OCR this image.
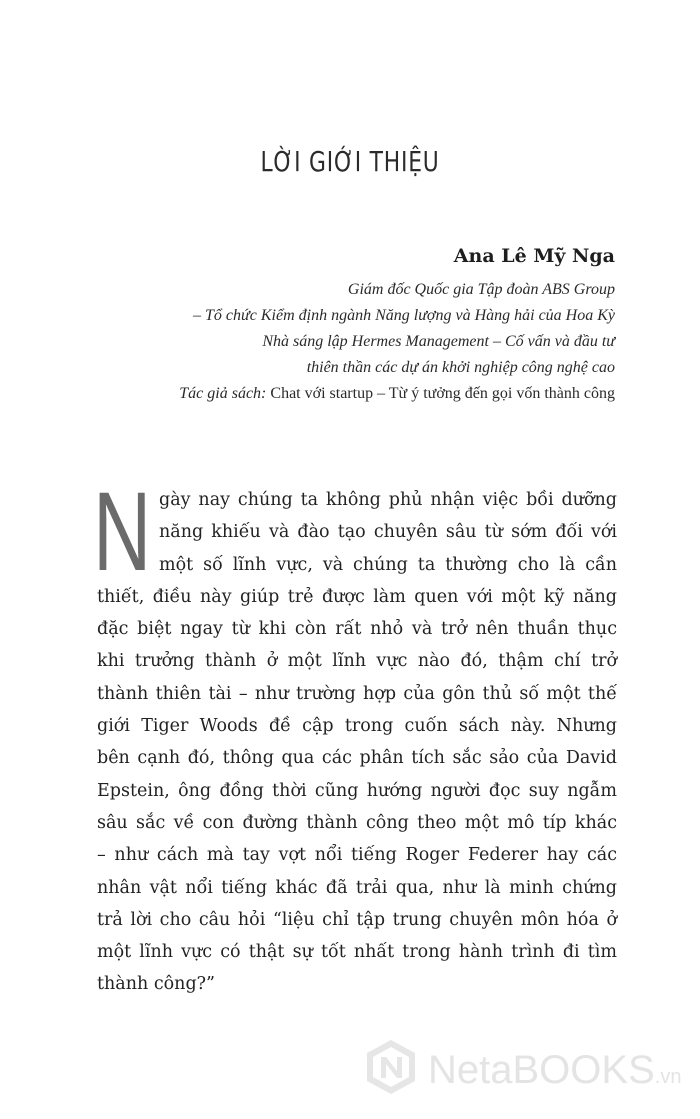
LỜI GIỚI THIỆU

Ana Lê Mỹ Nga

Giám đốc Quốc gia Tập đoàn ABS Group

– Tổ chức Kiểm định ngành Năng lượng và Hàng hải của Hoa Kỳ

Nhà sáng lập Hermes Management – Cố vấn và đầu tư

thiên thần các dự án khởi nghiệp công nghệ cao

Tác giả sách: Chat với startup – Từ ý tưởng đến gọi vốn thành công

N gày nay chúng ta không phủ nhận việc bồi dưỡng
năng khiếu và đào tạo chuyên sâu từ sớm đối với
một số lĩnh vực, và chúng ta thường cho là cần
thiết, điều này giúp trẻ được làm quen với một kỹ năng
đặc biệt ngay từ khi còn rất nhỏ và trở nên thuần thục
khi trưởng thành ở một lĩnh vực nào đó, thậm chí trở
thành thiên tài – như trường hợp của gôn thủ số một thế
giới Tiger Woods đề cập trong cuốn sách này. Nhưng
bên cạnh đó, thông qua các phân tích sắc sảo của David
Epstein, ông đồng thời cũng hướng người đọc suy ngẫm
sâu sắc về con đường thành công theo một mô típ khác
– như cách mà tay vợt nổi tiếng Roger Federer hay các
nhân vật nổi tiếng khác đã trải qua, như là minh chứng
trả lời cho câu hỏi “liệu chỉ tập trung chuyên môn hóa ở
một lĩnh vực có thật sự tốt nhất trong hành trình đi tìm
thành công?”
NetaBOOKS.vn
